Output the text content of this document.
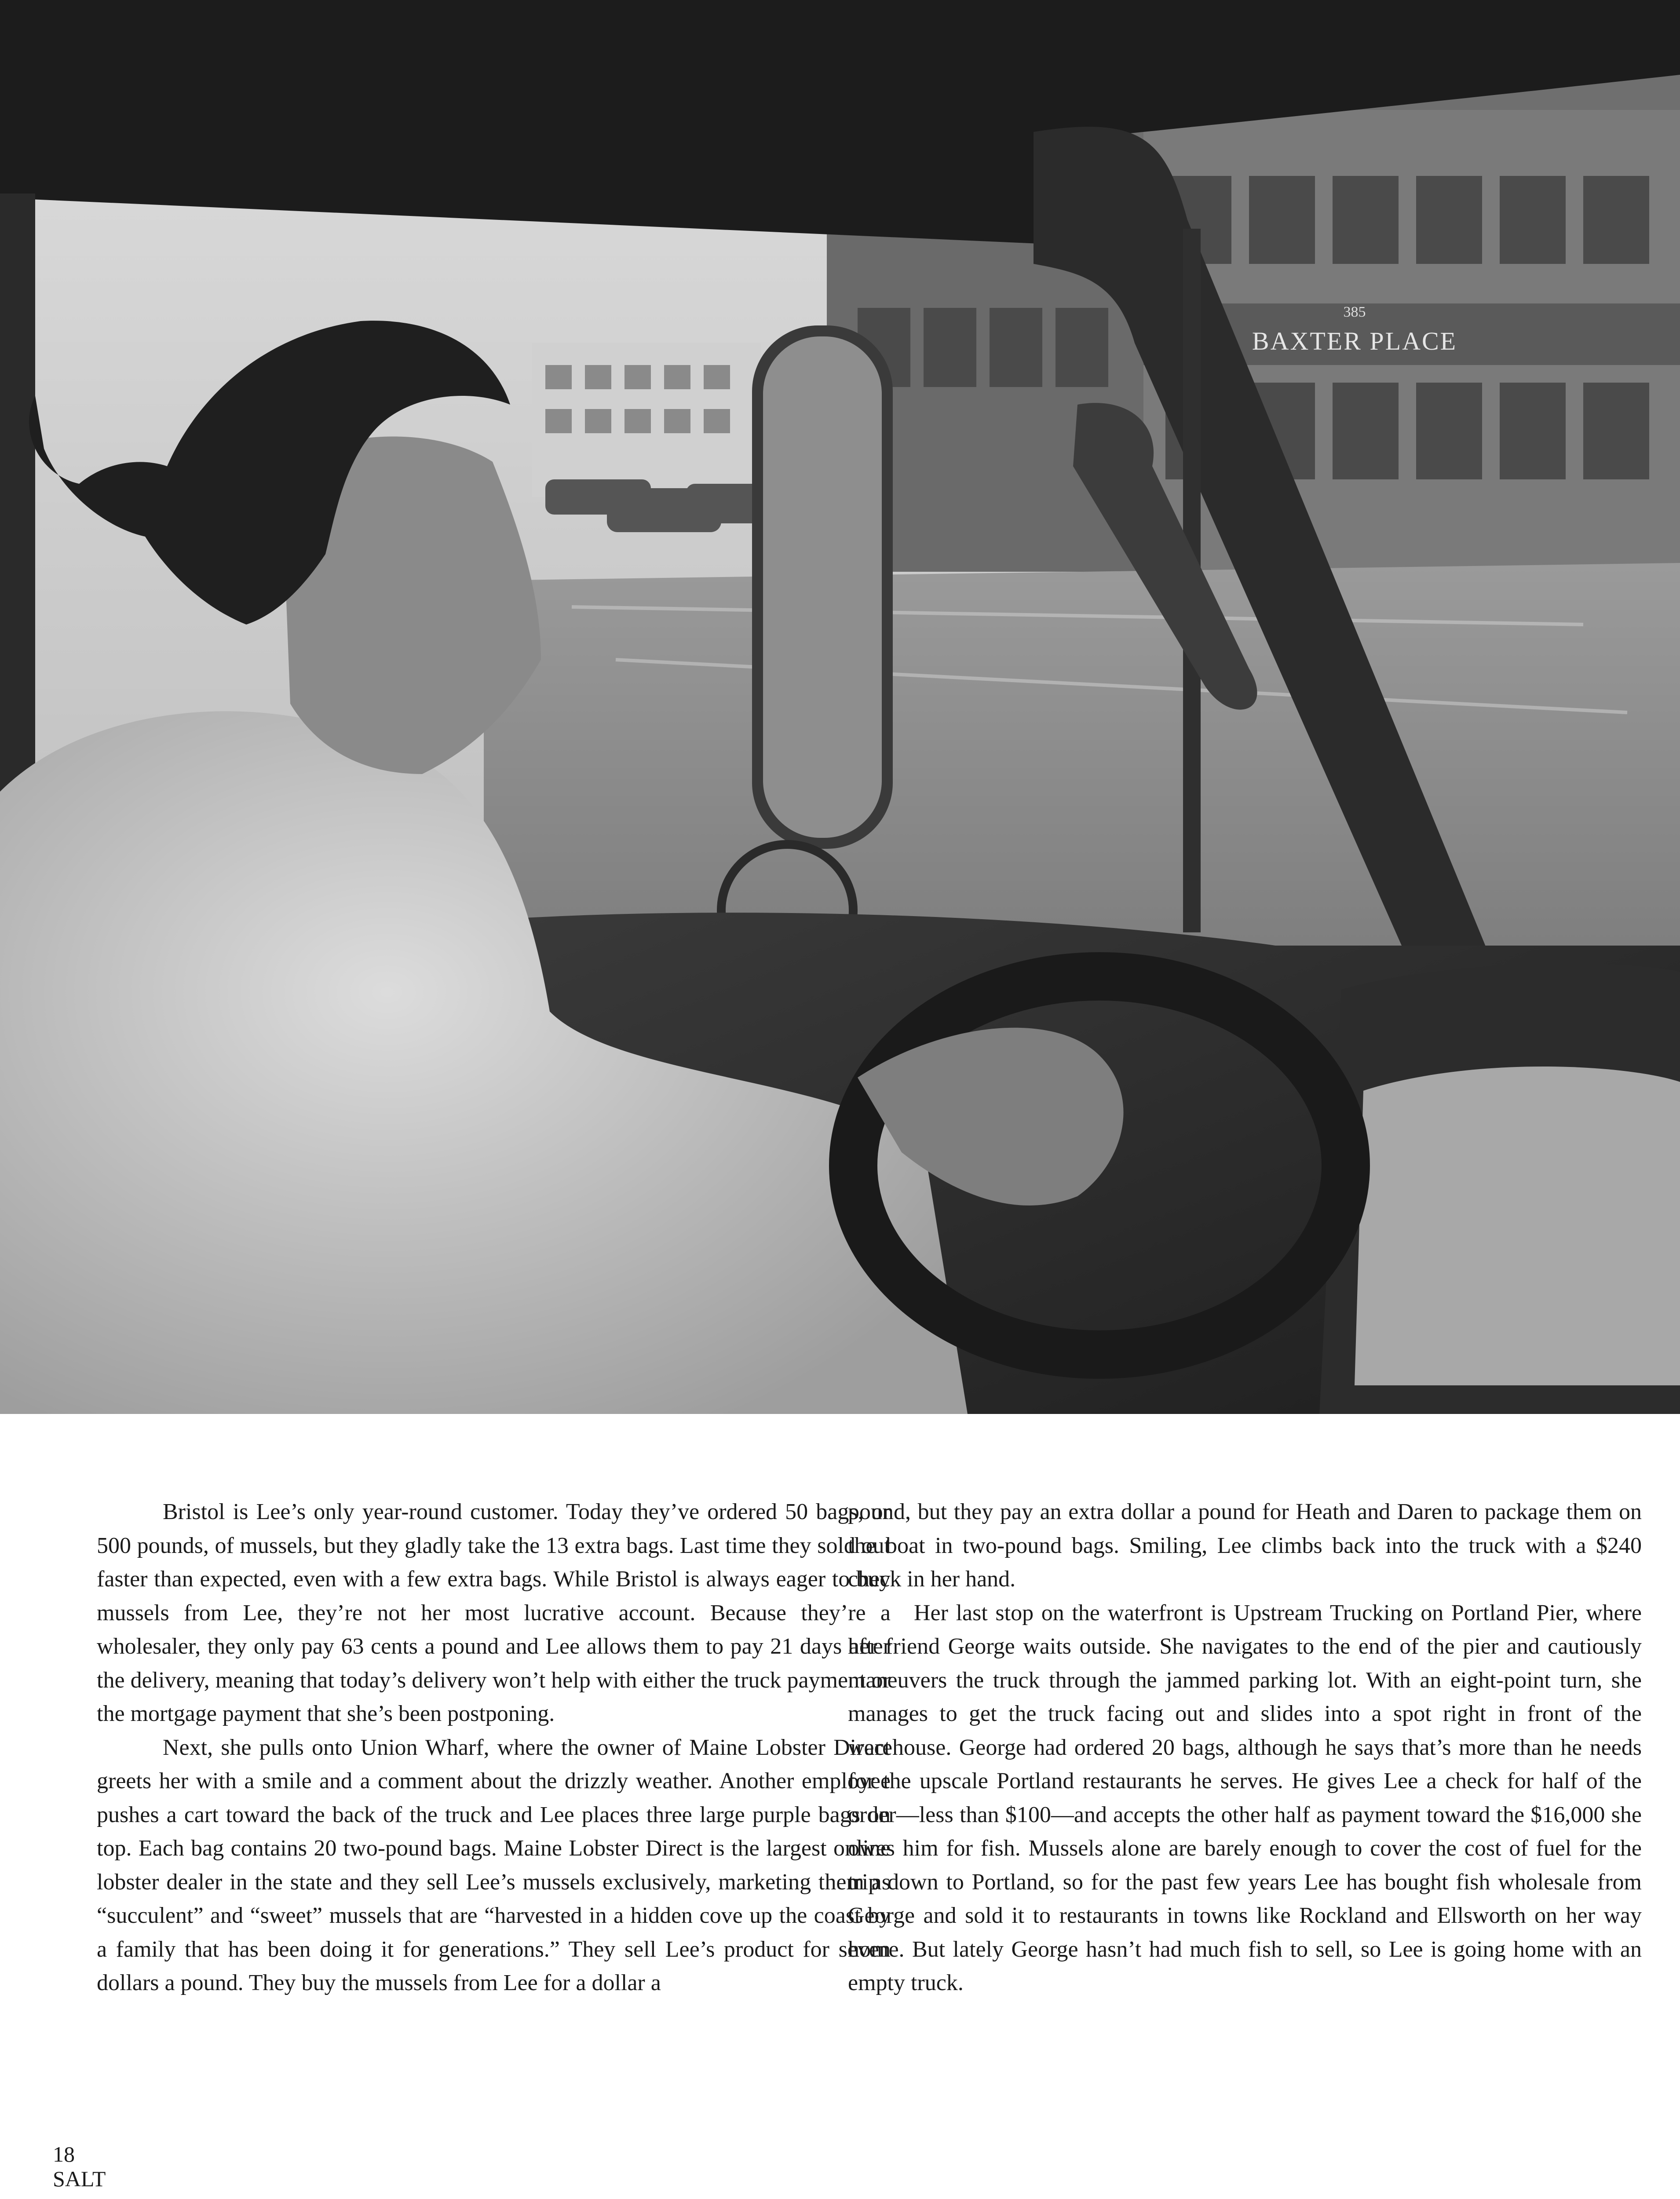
385
BAXTER PLACE

Bristol is Lee’s only year-round customer. Today they’ve ordered 50 bags, or 500 pounds, of mussels, but they gladly take the 13 extra bags. Last time they sold out faster than expected, even with a few extra bags. While Bristol is always eager to buy mussels from Lee, they’re not her most lucrative account. Because they’re a wholesaler, they only pay 63 cents a pound and Lee allows them to pay 21 days after the delivery, meaning that today’s delivery won’t help with either the truck payment or the mortgage payment that she’s been postponing.

Next, she pulls onto Union Wharf, where the owner of Maine Lobster Direct greets her with a smile and a comment about the drizzly weather. Another employee pushes a cart toward the back of the truck and Lee places three large purple bags on top. Each bag contains 20 two-pound bags. Maine Lobster Direct is the largest online lobster dealer in the state and they sell Lee’s mussels exclusively, marketing them as “succulent” and “sweet” mussels that are “harvested in a hidden cove up the coast by a family that has been doing it for generations.” They sell Lee’s product for seven dollars a pound. They buy the mussels from Lee for a dollar a

pound, but they pay an extra dollar a pound for Heath and Daren to package them on the boat in two-pound bags. Smiling, Lee climbs back into the truck with a $240 check in her hand.

Her last stop on the waterfront is Upstream Trucking on Portland Pier, where her friend George waits outside. She navigates to the end of the pier and cautiously maneuvers the truck through the jammed parking lot. With an eight-point turn, she manages to get the truck facing out and slides into a spot right in front of the warehouse. George had ordered 20 bags, although he says that’s more than he needs for the upscale Portland restaurants he serves. He gives Lee a check for half of the order—less than $100—and accepts the other half as payment toward the $16,000 she owes him for fish. Mussels alone are barely enough to cover the cost of fuel for the trip down to Portland, so for the past few years Lee has bought fish wholesale from George and sold it to restaurants in towns like Rockland and Ellsworth on her way home. But lately George hasn’t had much fish to sell, so Lee is going home with an empty truck.

18
SALT
